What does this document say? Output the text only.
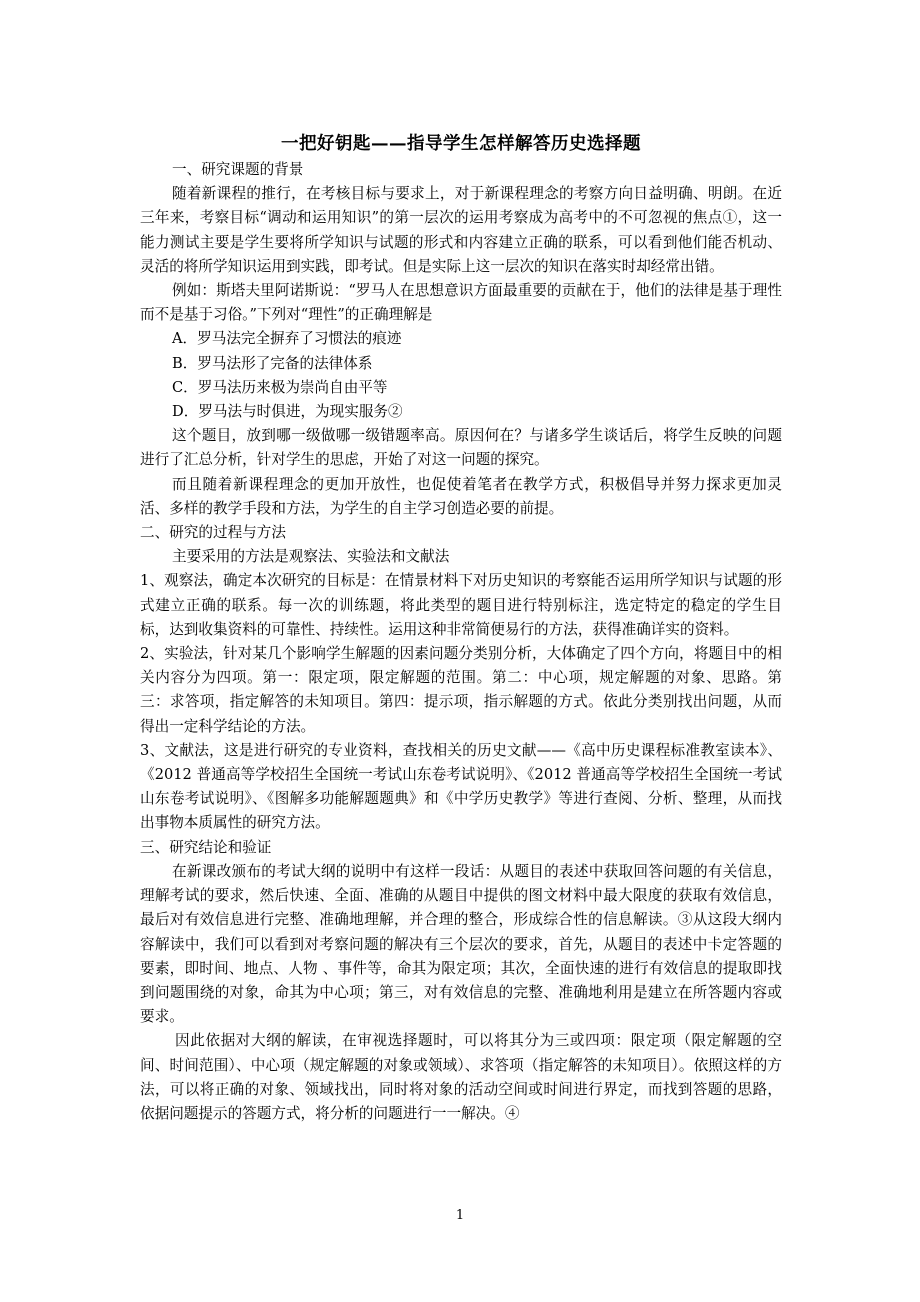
一把好钥匙——指导学生怎样解答历史选择题
一、研究课题的背景
随着新课程的推行，在考核目标与要求上，对于新课程理念的考察方向日益明确、明朗。在近三年来，考察目标“调动和运用知识”的第一层次的运用考察成为高考中的不可忽视的焦点①，这一能力测试主要是学生要将所学知识与试题的形式和内容建立正确的联系，可以看到他们能否机动、灵活的将所学知识运用到实践，即考试。但是实际上这一层次的知识在落实时却经常出错。
例如：斯塔夫里阿诺斯说：“罗马人在思想意识方面最重要的贡献在于，他们的法律是基于理性而不是基于习俗。”下列对“理性”的正确理解是
A．罗马法完全摒弃了习惯法的痕迹
B．罗马法形了完备的法律体系
C．罗马法历来极为崇尚自由平等
D．罗马法与时俱进，为现实服务②
这个题目，放到哪一级做哪一级错题率高。原因何在？与诸多学生谈话后，将学生反映的问题进行了汇总分析，针对学生的思虑，开始了对这一问题的探究。
而且随着新课程理念的更加开放性，也促使着笔者在教学方式，积极倡导并努力探求更加灵活、多样的教学手段和方法，为学生的自主学习创造必要的前提。
二、研究的过程与方法
主要采用的方法是观察法、实验法和文献法
1、观察法，确定本次研究的目标是：在情景材料下对历史知识的考察能否运用所学知识与试题的形式建立正确的联系。每一次的训练题，将此类型的题目进行特别标注，选定特定的稳定的学生目标，达到收集资料的可靠性、持续性。运用这种非常简便易行的方法，获得准确详实的资料。
2、实验法，针对某几个影响学生解题的因素问题分类别分析，大体确定了四个方向，将题目中的相关内容分为四项。第一：限定项，限定解题的范围。第二：中心项，规定解题的对象、思路。第三：求答项，指定解答的未知项目。第四：提示项，指示解题的方式。依此分类别找出问题，从而得出一定科学结论的方法。
3、文献法，这是进行研究的专业资料，查找相关的历史文献——《高中历史课程标准教室读本》、《2012 普通高等学校招生全国统一考试山东卷考试说明》、《2012 普通高等学校招生全国统一考试山东卷考试说明》、《图解多功能解题题典》和《中学历史教学》等进行查阅、分析、整理，从而找出事物本质属性的研究方法。
三、研究结论和验证
在新课改颁布的考试大纲的说明中有这样一段话：从题目的表述中获取回答问题的有关信息，理解考试的要求，然后快速、全面、准确的从题目中提供的图文材料中最大限度的获取有效信息，最后对有效信息进行完整、准确地理解，并合理的整合，形成综合性的信息解读。③从这段大纲内容解读中，我们可以看到对考察问题的解决有三个层次的要求，首先，从题目的表述中卡定答题的要素，即时间、地点、人物 、事件等，命其为限定项；其次，全面快速的进行有效信息的提取即找到问题围绕的对象，命其为中心项；第三，对有效信息的完整、准确地利用是建立在所答题内容或要求。
因此依据对大纲的解读，在审视选择题时，可以将其分为三或四项：限定项（限定解题的空间、时间范围）、中心项（规定解题的对象或领域）、求答项（指定解答的未知项目）。依照这样的方法，可以将正确的对象、领域找出，同时将对象的活动空间或时间进行界定，而找到答题的思路，依据问题提示的答题方式，将分析的问题进行一一解决。④
1
